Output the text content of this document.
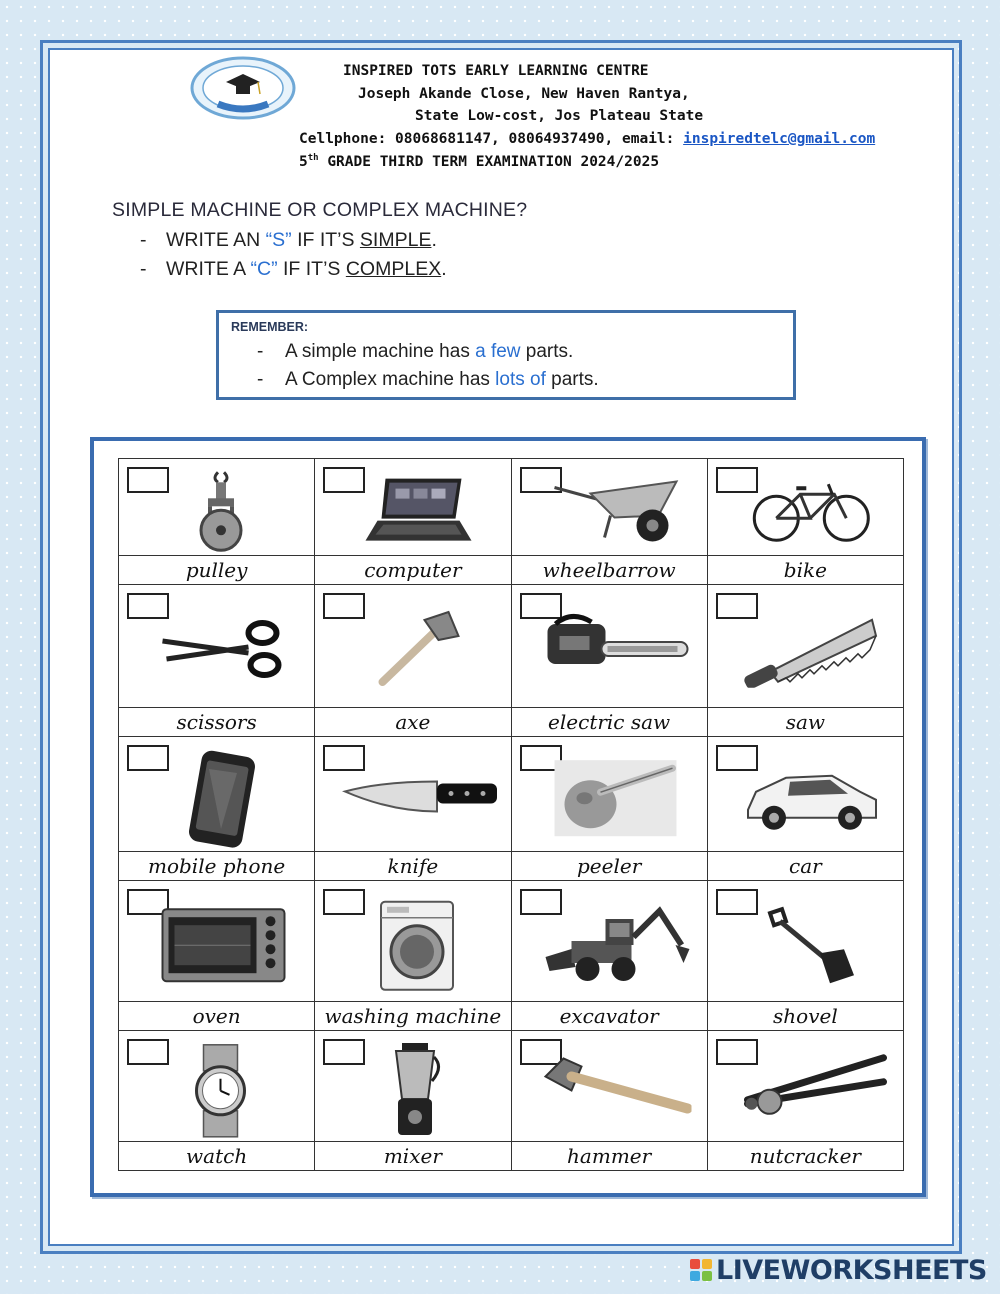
INSPIRED TOTS EARLY LEARNING CENTRE
Joseph Akande Close, New Haven Rantya,
State Low-cost, Jos Plateau State
Cellphone: 08068681147, 08064937490, email: inspiredtelc@gmail.com
5th GRADE THIRD TERM EXAMINATION 2024/2025
SIMPLE MACHINE OR COMPLEX MACHINE?
- WRITE AN “S” IF IT’S SIMPLE.
- WRITE A “C” IF IT’S COMPLEX.
REMEMBER:
- A simple machine has a few parts.
- A Complex machine has lots of parts.

pulley	computer	wheelbarrow	bike

scissors	axe	electric saw	saw

mobile phone	knife	peeler	car

oven	washing machine	excavator	shovel

watch	mixer	hammer	nutcracker
LIVEWORKSHEETS
